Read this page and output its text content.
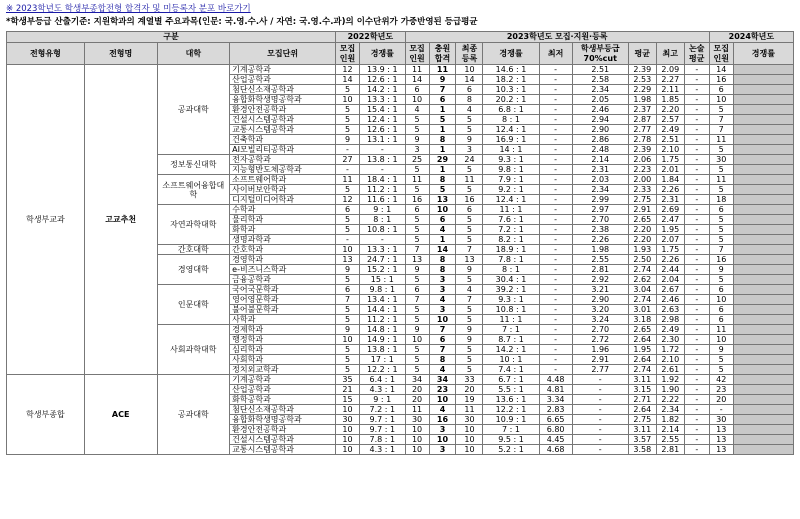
※ 2023학년도 학생부종합전형 합격자 및 미등록자 분포 바로가기
*학생부등급 산출기준: 지원학과의 계열별 주요과목(인문: 국.영.수.사 / 자연: 국.영.수.과)의 이수단위가 가중반영된 등급평균
구분				2022학년도		2023학년도 모집·지원·등록									2024학년도	
전형유형	전형명	대학	모집단위	모집인원	경쟁률	모집인원	충원합격	최종등록	경쟁률	최저	학생부등급 70%cut	평균	최고	논술평균	모집인원	경쟁률
학생부교과	고교추천	공과대학	기계공학과	12	13.9 : 1	11	11	10	14.6 : 1	-	2.51	2.39	2.09	-	14	
			산업공학과	14	12.6 : 1	14	9	14	18.2 : 1	-	2.58	2.53	2.27	-	16	
			첨단신소재공학과	5	14.2 : 1	6	7	6	10.3 : 1	-	2.34	2.29	2.11	-	6	
			융합화학생명공학과	10	13.3 : 1	10	6	8	20.2 : 1	-	2.05	1.98	1.85	-	10	
			환경안전공학과	5	15.4 : 1	4	1	4	6.8 : 1	-	2.46	2.37	2.20	-	5	
			건설시스템공학과	5	12.4 : 1	5	5	5	8 : 1	-	2.94	2.87	2.57	-	7	
			교통시스템공학과	5	12.6 : 1	5	1	5	12.4 : 1	-	2.90	2.77	2.49	-	7	
			건축학과	9	13.1 : 1	9	8	9	16.9 : 1	-	2.86	2.78	2.51	-	11	
			AI모빌리티공학과	-	-	3	1	3	14 : 1	-	2.48	2.39	2.10	-	5	
		정보통신대학	전자공학과	27	13.8 : 1	25	29	24	9.3 : 1	-	2.14	2.06	1.75	-	30	
			지능형반도체공학과	-	-	5	1	5	9.8 : 1	-	2.31	2.23	2.01	-	5	
		소프트웨어융합대학	소프트웨어학과	11	18.4 : 1	11	8	11	7.9 : 1	-	2.03	2.00	1.84	-	11	
			사이버보안학과	5	11.2 : 1	5	5	5	9.2 : 1	-	2.34	2.33	2.26	-	5	
			디지털미디어학과	12	11.6 : 1	16	13	16	12.4 : 1	-	2.99	2.75	2.31	-	18	
		자연과학대학	수학과	6	9 : 1	6	10	6	11 : 1	-	2.97	2.91	2.69	-	6	
			물리학과	5	8 : 1	5	6	5	7.6 : 1	-	2.70	2.65	2.47	-	5	
			화학과	5	10.8 : 1	5	4	5	7.2 : 1	-	2.38	2.20	1.95	-	5	
			생명과학과	-	-	5	1	5	8.2 : 1	-	2.26	2.20	2.07	-	5	
		간호대학	간호학과	10	13.3 : 1	7	14	7	18.9 : 1	-	1.98	1.93	1.75	-	7	
		경영대학	경영학과	13	24.7 : 1	13	8	13	7.8 : 1	-	2.55	2.50	2.26	-	16	
			e-비즈니스학과	9	15.2 : 1	9	8	9	8 : 1	-	2.81	2.74	2.44	-	9	
			금융공학과	5	15 : 1	5	3	5	30.4 : 1	-	2.92	2.62	2.04	-	5	
		인문대학	국어국문학과	6	9.8 : 1	6	3	4	39.2 : 1	-	3.21	3.04	2.67	-	6	
			영어영문학과	7	13.4 : 1	7	4	7	9.3 : 1	-	2.90	2.74	2.46	-	10	
			불어불문학과	5	14.4 : 1	5	3	5	10.8 : 1	-	3.20	3.01	2.63	-	6	
			사학과	5	11.2 : 1	5	10	5	11 : 1	-	3.24	3.18	2.98	-	6	
		사회과학대학	경제학과	9	14.8 : 1	9	7	9	7 : 1	-	2.70	2.65	2.49	-	11	
			행정학과	10	14.9 : 1	10	6	9	8.7 : 1	-	2.72	2.64	2.30	-	10	
			심리학과	5	13.8 : 1	5	7	5	14.2 : 1	-	1.96	1.95	1.72	-	9	
			사회학과	5	17 : 1	5	8	5	10 : 1	-	2.91	2.64	2.10	-	5	
			정치외교학과	5	12.2 : 1	5	4	5	7.4 : 1	-	2.77	2.74	2.61	-	5	
학생부종합	ACE	공과대학	기계공학과	35	6.4 : 1	34	34	33	6.7 : 1	4.48	-	3.11	1.92	-	42	
			산업공학과	21	4.3 : 1	20	23	20	5.5 : 1	4.81	-	3.15	1.90	-	23	
			화학공학과	15	9 : 1	20	10	19	13.6 : 1	3.34	-	2.71	2.22	-	20	
			첨단신소재공학과	10	7.2 : 1	11	4	11	12.2 : 1	2.83	-	2.64	2.34	-	-	
			융합화학생명공학과	30	9.7 : 1	30	16	30	10.9 : 1	6.65	-	2.75	1.82	-	30	
			환경안전공학과	10	9.7 : 1	10	3	10	7 : 1	6.80	-	3.11	2.14	-	13	
			건설시스템공학과	10	7.8 : 1	10	10	10	9.5 : 1	4.45	-	3.57	2.55	-	13	
			교통시스템공학과	10	4.3 : 1	10	3	10	5.2 : 1	4.68	-	3.58	2.81	-	13	
